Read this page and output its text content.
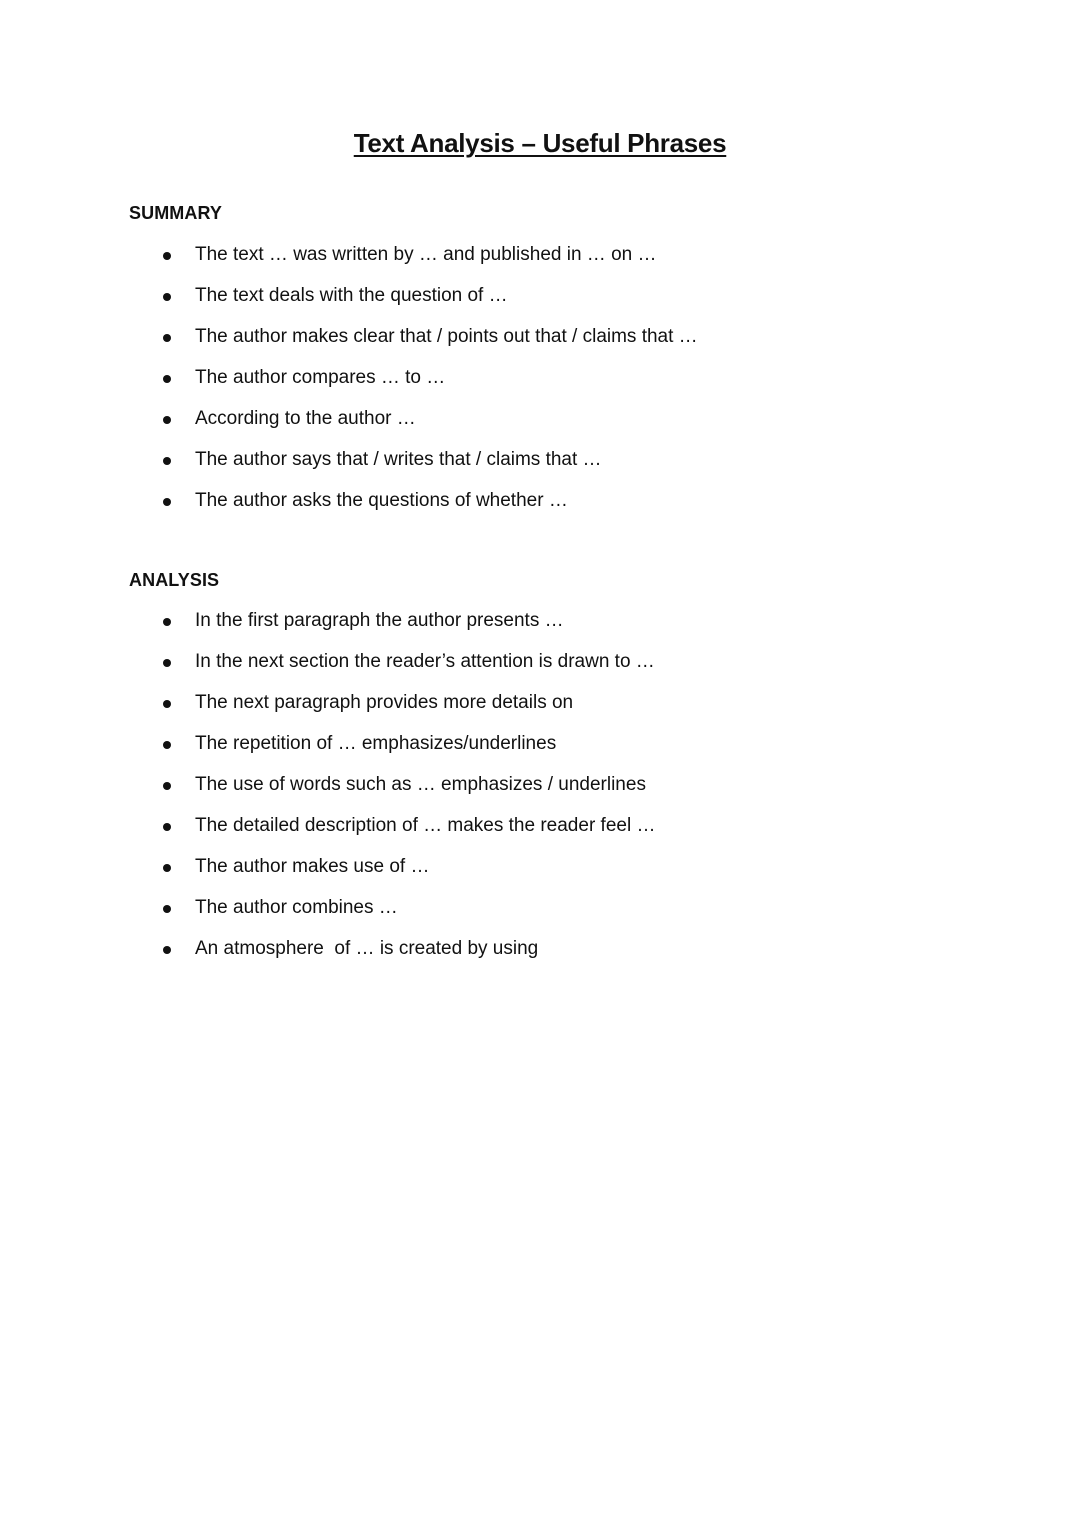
Text Analysis – Useful Phrases
SUMMARY
The text … was written by … and published in … on …
The text deals with the question of …
The author makes clear that / points out that / claims that …
The author compares … to …
According to the author …
The author says that / writes that / claims that …
The author asks the questions of whether …
ANALYSIS
In the first paragraph the author presents …
In the next section the reader’s attention is drawn to …
The next paragraph provides more details on
The repetition of … emphasizes/underlines
The use of words such as … emphasizes / underlines
The detailed description of … makes the reader feel …
The author makes use of …
The author combines …
An atmosphere  of … is created by using
